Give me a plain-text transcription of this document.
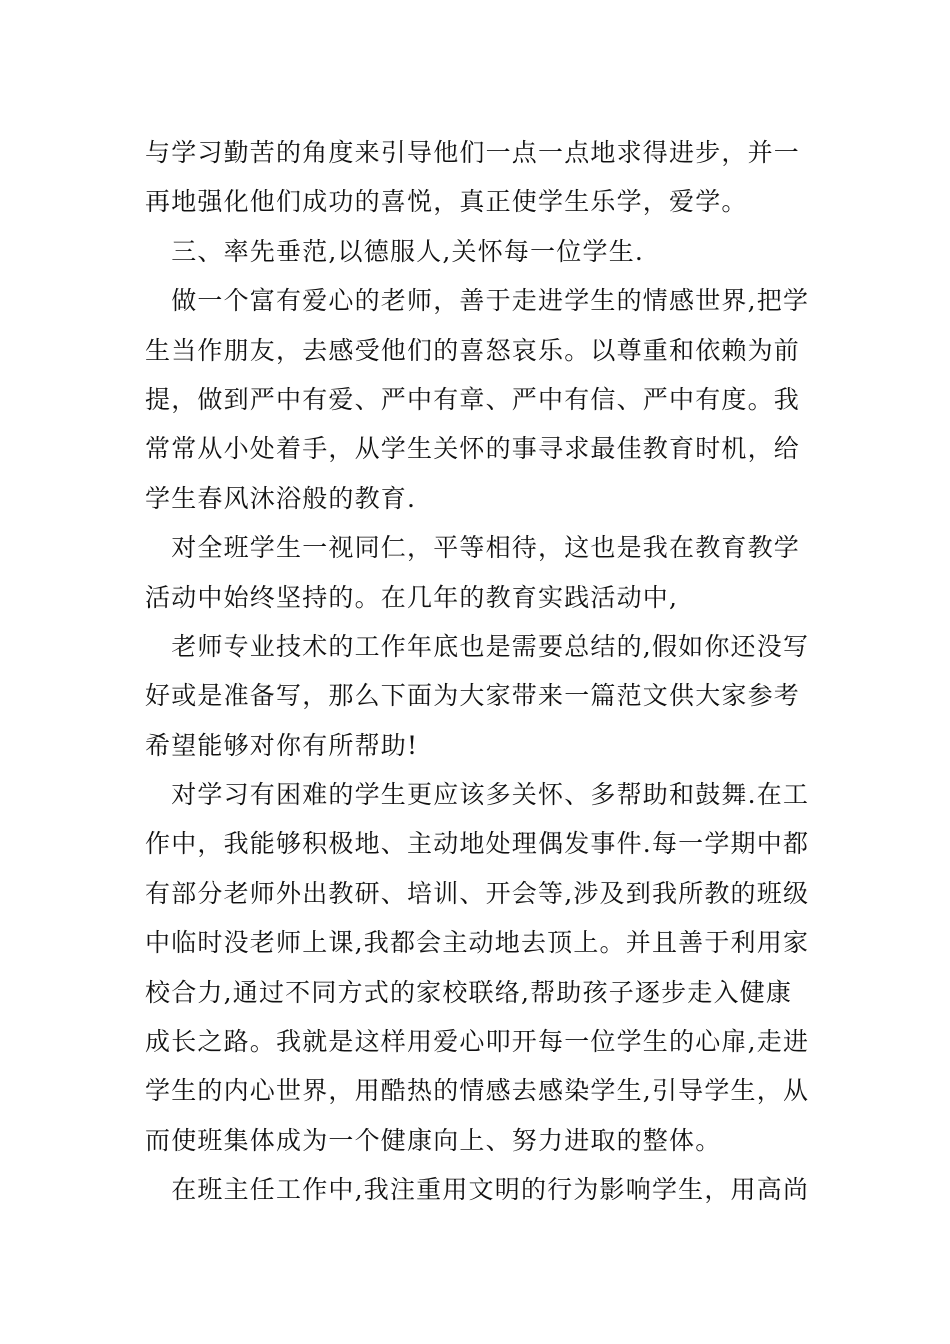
与学习勤苦的角度来引导他们一点一点地求得进步，并一
再地强化他们成功的喜悦，真正使学生乐学，爱学。
　三、率先垂范,以德服人,关怀每一位学生.
　做一个富有爱心的老师，善于走进学生的情感世界,把学
生当作朋友，去感受他们的喜怒哀乐。以尊重和依赖为前
提，做到严中有爱、严中有章、严中有信、严中有度。我
常常从小处着手，从学生关怀的事寻求最佳教育时机，给
学生春风沐浴般的教育.
　对全班学生一视同仁，平等相待，这也是我在教育教学
活动中始终坚持的。在几年的教育实践活动中,
　老师专业技术的工作年底也是需要总结的,假如你还没写
好或是准备写，那么下面为大家带来一篇范文供大家参考
希望能够对你有所帮助!
　对学习有困难的学生更应该多关怀、多帮助和鼓舞.在工
作中，我能够积极地、主动地处理偶发事件.每一学期中都
有部分老师外出教研、培训、开会等,涉及到我所教的班级
中临时没老师上课,我都会主动地去顶上。并且善于利用家
校合力,通过不同方式的家校联络,帮助孩子逐步走入健康
成长之路。我就是这样用爱心叩开每一位学生的心扉,走进
学生的内心世界，用酷热的情感去感染学生,引导学生，从
而使班集体成为一个健康向上、努力进取的整体。
　在班主任工作中,我注重用文明的行为影响学生，用高尚
